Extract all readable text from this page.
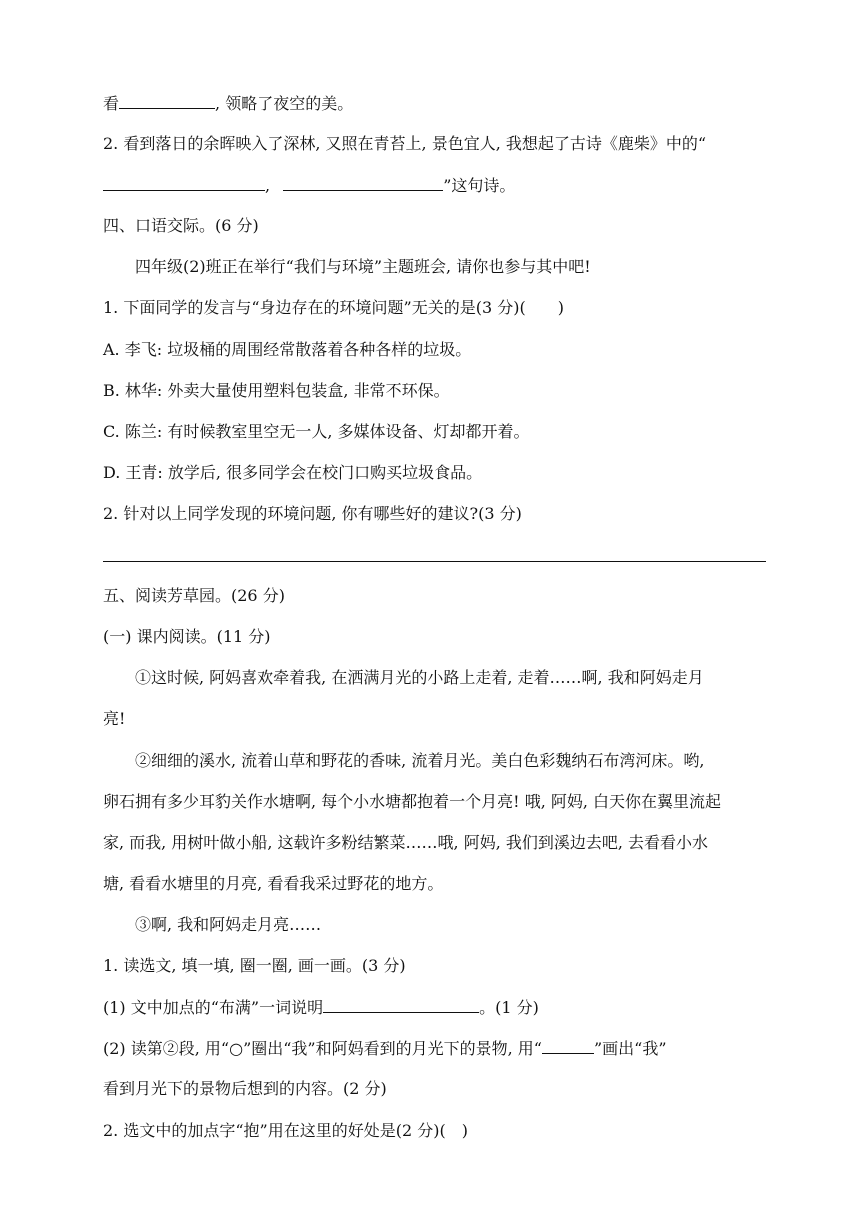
看	, 领略了夜空的美。
2. 看到落日的余晖映入了深林, 又照在青苔上, 景色宜人, 我想起了古诗《鹿柴》中的“
,	”这句诗。
四、口语交际。(6 分)
四年级(2)班正在举行“我们与环境”主题班会, 请你也参与其中吧!
1. 下面同学的发言与“身边存在的环境问题”无关的是(3 分)(　　)
A. 李飞: 垃圾桶的周围经常散落着各种各样的垃圾。
B. 林华: 外卖大量使用塑料包装盒, 非常不环保。
C. 陈兰: 有时候教室里空无一人, 多媒体设备、灯却都开着。
D. 王青: 放学后, 很多同学会在校门口购买垃圾食品。
2. 针对以上同学发现的环境问题, 你有哪些好的建议?(3 分)
五、阅读芳草园。(26 分)
(一) 课内阅读。(11 分)
①这时候, 阿妈喜欢牵着我, 在洒满月光的小路上走着, 走着……啊, 我和阿妈走月
亮!
②细细的溪水, 流着山草和野花的香味, 流着月光。美白色彩魏纳石布湾河床。哟,
卵石拥有多少耳豹关作水塘啊, 每个小水塘都抱着一个月亮! 哦, 阿妈, 白天你在翼里流起
家, 而我, 用树叶做小船, 这载许多粉结繁菜……哦, 阿妈, 我们到溪边去吧, 去看看小水
塘, 看看水塘里的月亮, 看看我采过野花的地方。
③啊, 我和阿妈走月亮……
1. 读选文, 填一填, 圈一圈, 画一画。(3 分)
(1) 文中加点的“布满”一词说明	。(1 分)
(2) 读第②段, 用“○”圈出“我”和阿妈看到的月光下的景物, 用“	”画出“我”
看到月光下的景物后想到的内容。(2 分)
2. 选文中的加点字“抱”用在这里的好处是(2 分)(　)
